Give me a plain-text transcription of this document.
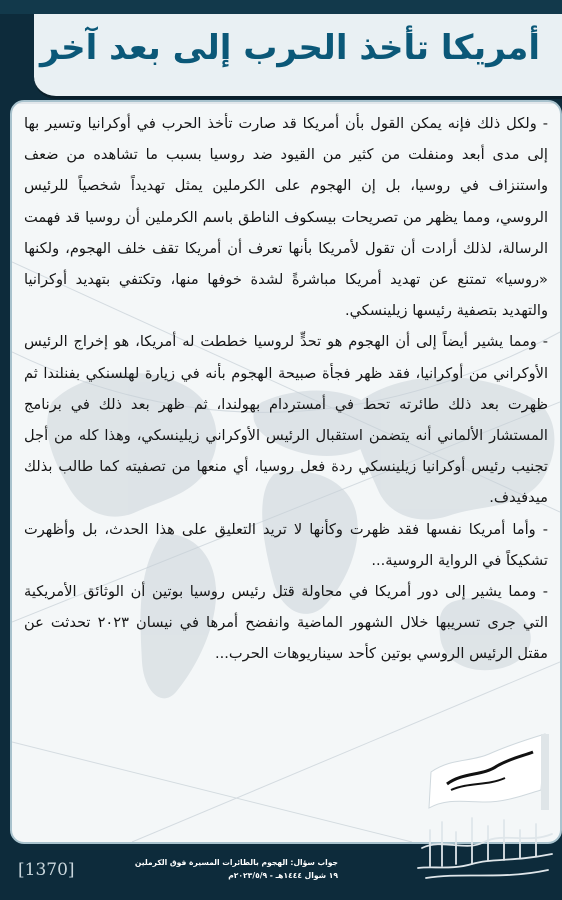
أمريكا تأخذ الحرب إلى بعد آخر

- ولكل ذلك فإنه يمكن القول بأن أمريكا قد صارت تأخذ الحرب في أوكرانيا وتسير بها إلى مدى أبعد ومنفلت من كثير من القيود ضد روسيا بسبب ما تشاهده من ضعف واستنزاف في روسيا، بل إن الهجوم على الكرملين يمثل تهديداً شخصياً للرئيس الروسي، ومما يظهر من تصريحات بيسكوف الناطق باسم الكرملين أن روسيا قد فهمت الرسالة، لذلك أرادت أن تقول لأمريكا بأنها تعرف أن أمريكا تقف خلف الهجوم، ولكنها «روسيا» تمتنع عن تهديد أمريكا مباشرةً لشدة خوفها منها، وتكتفي بتهديد أوكرانيا والتهديد بتصفية رئيسها زيلينسكي.

- ومما يشير أيضاً إلى أن الهجوم هو تحدٍّ لروسيا خططت له أمريكا، هو إخراج الرئيس الأوكراني من أوكرانيا، فقد ظهر فجأة صبيحة الهجوم بأنه في زيارة لهلسنكي بفنلندا ثم ظهرت بعد ذلك طائرته تحط في أمستردام بهولندا، ثم ظهر بعد ذلك في برنامج المستشار الألماني أنه يتضمن استقبال الرئيس الأوكراني زيلينسكي، وهذا كله من أجل تجنيب رئيس أوكرانيا زيلينسكي ردة فعل روسيا، أي منعها من تصفيته كما طالب بذلك ميدفيدف.

- وأما أمريكا نفسها فقد ظهرت وكأنها لا تريد التعليق على هذا الحدث، بل وأظهرت تشكيكاً في الرواية الروسية...

- ومما يشير إلى دور أمريكا في محاولة قتل رئيس روسيا بوتين أن الوثائق الأمريكية التي جرى تسريبها خلال الشهور الماضية وانفضح أمرها في نيسان ٢٠٢٣ تحدثت عن مقتل الرئيس الروسي بوتين كأحد سيناريوهات الحرب...

[1370]	جواب سؤال: الهجوم بالطائرات المسيرة فوق الكرملين
١٩ شوال ١٤٤٤هـ - ٢٠٢٣/٥/٩م
